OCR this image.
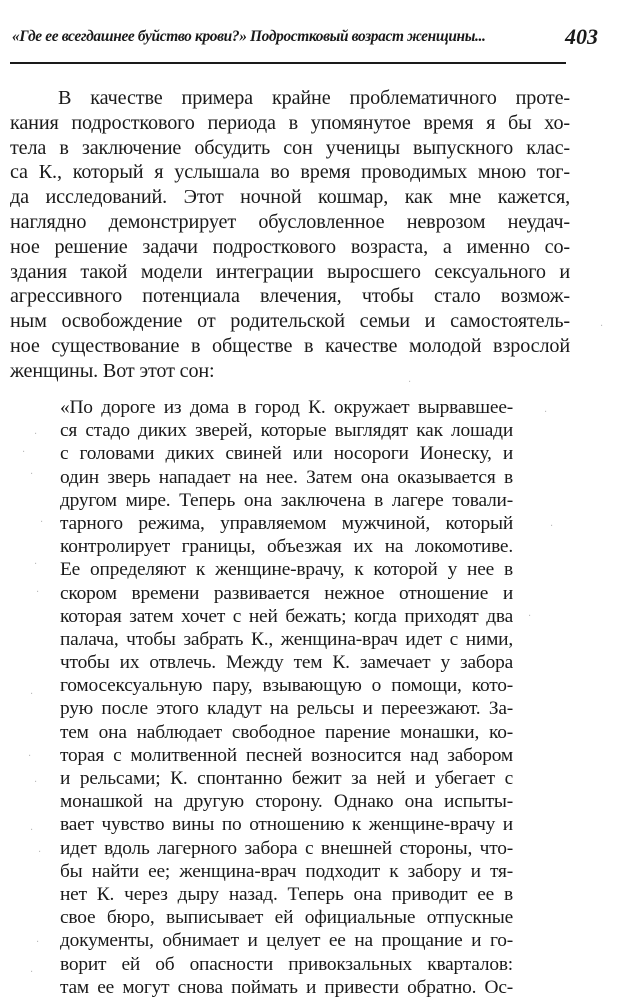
«Где ее всегдашнее буйство крови?» Подростковый возраст женщины...	403
В качестве примера крайне проблематичного проте-
кания подросткового периода в упомянутое время я бы хо-
тела в заключение обсудить сон ученицы выпускного клас-
са К., который я услышала во время проводимых мною тог-
да исследований. Этот ночной кошмар, как мне кажется,
наглядно демонстрирует обусловленное неврозом неудач-
ное решение задачи подросткового возраста, а именно со-
здания такой модели интеграции выросшего сексуального и
агрессивного потенциала влечения, чтобы стало возмож-
ным освобождение от родительской семьи и самостоятель-
ное существование в обществе в качестве молодой взрослой
женщины. Вот этот сон:
«По дороге из дома в город К. окружает вырвавшее-
ся стадо диких зверей, которые выглядят как лошади
с головами диких свиней или носороги Ионеску, и
один зверь нападает на нее. Затем она оказывается в
другом мире. Теперь она заключена в лагере товали-
тарного режима, управляемом мужчиной, который
контролирует границы, объезжая их на локомотиве.
Ее определяют к женщине-врачу, к которой у нее в
скором времени развивается нежное отношение и
которая затем хочет с ней бежать; когда приходят два
палача, чтобы забрать К., женщина-врач идет с ними,
чтобы их отвлечь. Между тем К. замечает у забора
гомосексуальную пару, взывающую о помощи, кото-
рую после этого кладут на рельсы и переезжают. За-
тем она наблюдает свободное парение монашки, ко-
торая с молитвенной песней возносится над забором
и рельсами; К. спонтанно бежит за ней и убегает с
монашкой на другую сторону. Однако она испыты-
вает чувство вины по отношению к женщине-врачу и
идет вдоль лагерного забора с внешней стороны, что-
бы найти ее; женщина-врач подходит к забору и тя-
нет К. через дыру назад. Теперь она приводит ее в
свое бюро, выписывает ей официальные отпускные
документы, обнимает и целует ее на прощание и го-
ворит ей об опасности привокзальных кварталов:
там ее могут снова поймать и привести обратно. Ос-
·
·
·
·
·
·
·
·
·
·
·
·
·
·
·
·
·
·
